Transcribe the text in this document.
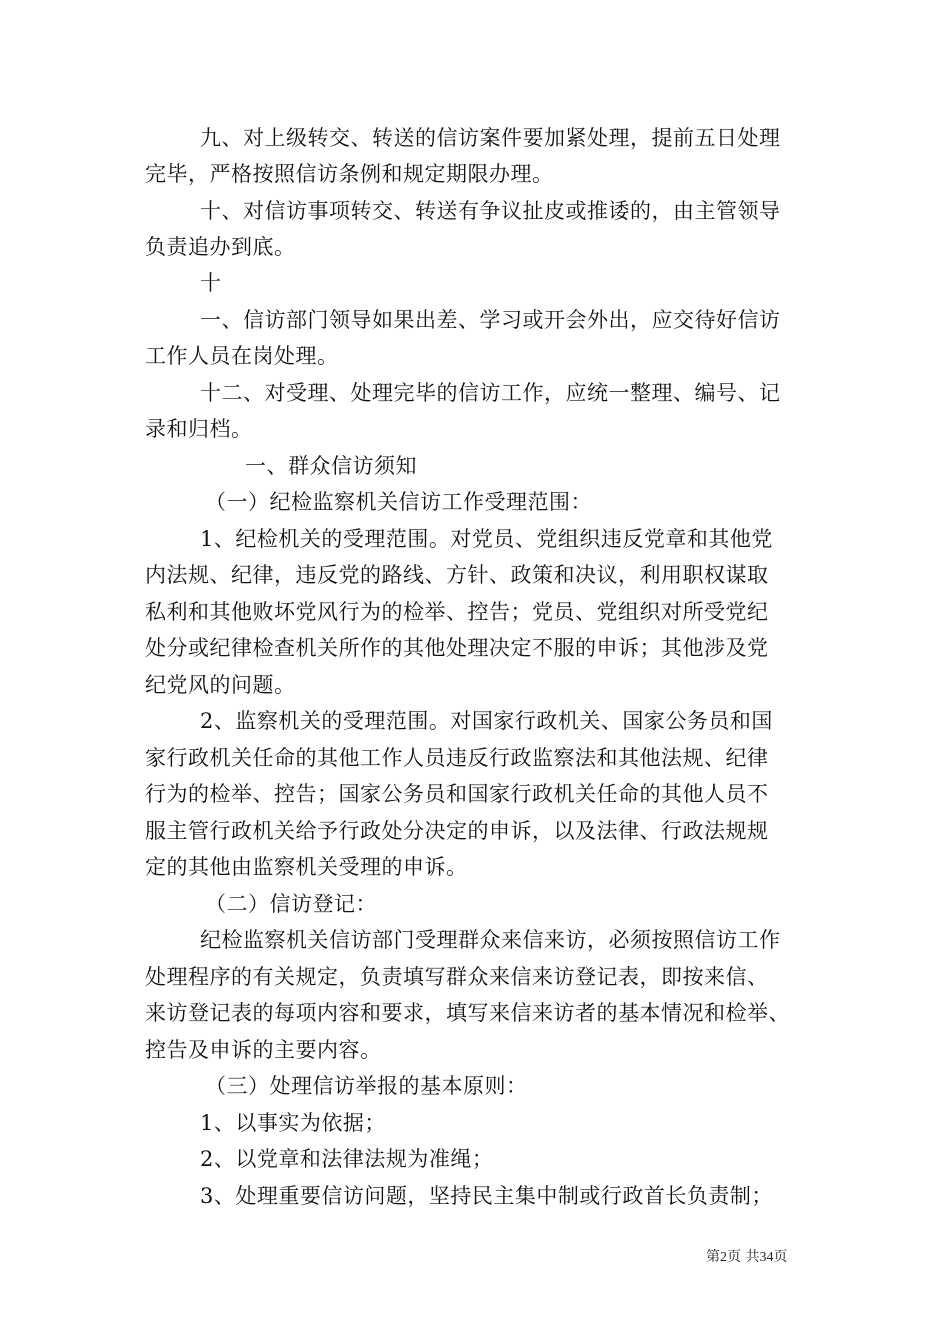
九、对上级转交、转送的信访案件要加紧处理，提前五日处理
完毕，严格按照信访条例和规定期限办理。
十、对信访事项转交、转送有争议扯皮或推诿的，由主管领导
负责追办到底。
十
一、信访部门领导如果出差、学习或开会外出，应交待好信访
工作人员在岗处理。
十二、对受理、处理完毕的信访工作，应统一整理、编号、记
录和归档。
一、群众信访须知
（一）纪检监察机关信访工作受理范围：
1、纪检机关的受理范围。对党员、党组织违反党章和其他党
内法规、纪律，违反党的路线、方针、政策和决议，利用职权谋取
私利和其他败坏党风行为的检举、控告；党员、党组织对所受党纪
处分或纪律检查机关所作的其他处理决定不服的申诉；其他涉及党
纪党风的问题。
2、监察机关的受理范围。对国家行政机关、国家公务员和国
家行政机关任命的其他工作人员违反行政监察法和其他法规、纪律
行为的检举、控告；国家公务员和国家行政机关任命的其他人员不
服主管行政机关给予行政处分决定的申诉，以及法律、行政法规规
定的其他由监察机关受理的申诉。
（二）信访登记：
纪检监察机关信访部门受理群众来信来访，必须按照信访工作
处理程序的有关规定，负责填写群众来信来访登记表，即按来信、
来访登记表的每项内容和要求，填写来信来访者的基本情况和检举、
控告及申诉的主要内容。
（三）处理信访举报的基本原则：
1、以事实为依据；
2、以党章和法律法规为准绳；
3、处理重要信访问题，坚持民主集中制或行政首长负责制；
第2页 共34页
